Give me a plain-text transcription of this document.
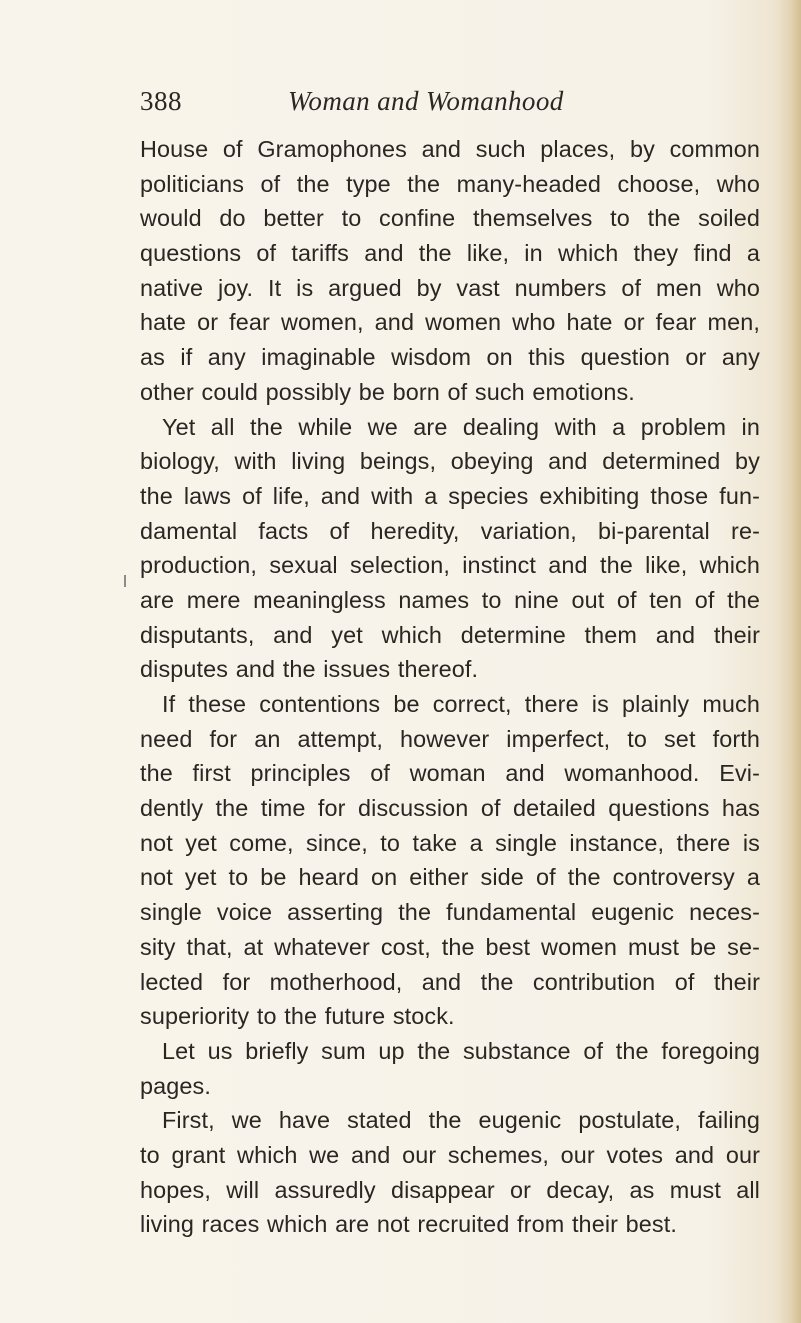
388	Woman and Womanhood
House of Gramophones and such places, by common
politicians of the type the many-headed choose, who
would do better to confine themselves to the soiled
questions of tariffs and the like, in which they find a
native joy. It is argued by vast numbers of men who
hate or fear women, and women who hate or fear men,
as if any imaginable wisdom on this question or any
other could possibly be born of such emotions.
Yet all the while we are dealing with a problem in
biology, with living beings, obeying and determined by
the laws of life, and with a species exhibiting those fun-
damental facts of heredity, variation, bi-parental re-
production, sexual selection, instinct and the like, which
are mere meaningless names to nine out of ten of the
disputants, and yet which determine them and their
disputes and the issues thereof.
If these contentions be correct, there is plainly much
need for an attempt, however imperfect, to set forth
the first principles of woman and womanhood. Evi-
dently the time for discussion of detailed questions has
not yet come, since, to take a single instance, there is
not yet to be heard on either side of the controversy a
single voice asserting the fundamental eugenic neces-
sity that, at whatever cost, the best women must be se-
lected for motherhood, and the contribution of their
superiority to the future stock.
Let us briefly sum up the substance of the foregoing
pages.
First, we have stated the eugenic postulate, failing
to grant which we and our schemes, our votes and our
hopes, will assuredly disappear or decay, as must all
living races which are not recruited from their best.
